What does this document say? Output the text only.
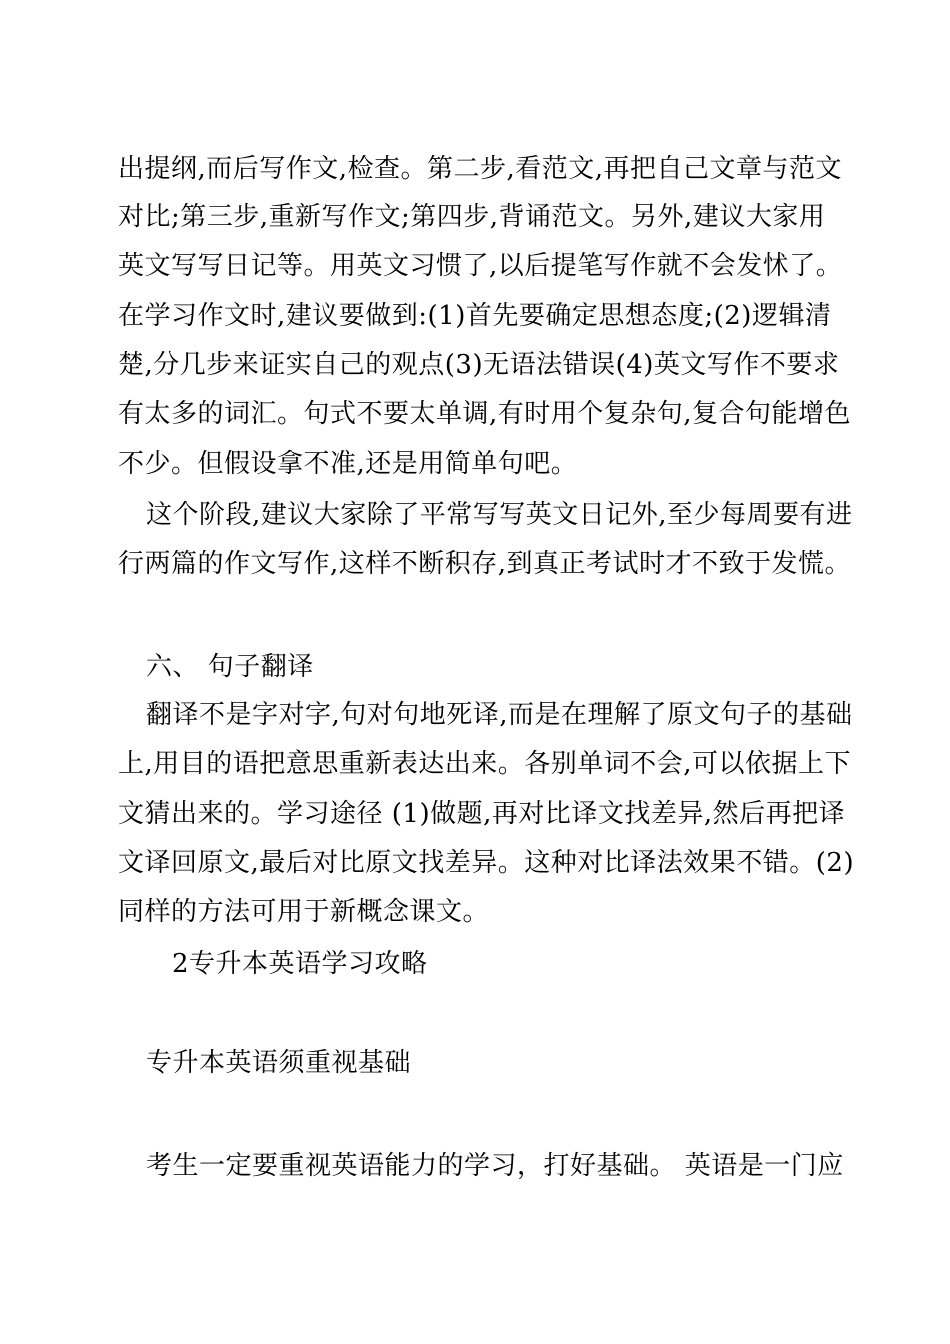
出提纲,而后写作文,检查。第二步,看范文,再把自己文章与范文
对比;第三步,重新写作文;第四步,背诵范文。另外,建议大家用
英文写写日记等。用英文习惯了,以后提笔写作就不会发怵了。
在学习作文时,建议要做到:(1)首先要确定思想态度;(2)逻辑清
楚,分几步来证实自己的观点(3)无语法错误(4)英文写作不要求
有太多的词汇。句式不要太单调,有时用个复杂句,复合句能增色
不少。但假设拿不准,还是用简单句吧。
这个阶段,建议大家除了平常写写英文日记外,至少每周要有进
行两篇的作文写作,这样不断积存,到真正考试时才不致于发慌。
六、 句子翻译
翻译不是字对字,句对句地死译,而是在理解了原文句子的基础
上,用目的语把意思重新表达出来。各别单词不会,可以依据上下
文猜出来的。学习途径 (1)做题,再对比译文找差异,然后再把译
文译回原文,最后对比原文找差异。这种对比译法效果不错。(2)
同样的方法可用于新概念课文。
2专升本英语学习攻略
专升本英语须重视基础
考生一定要重视英语能力的学习，打好基础。 英语是一门应
